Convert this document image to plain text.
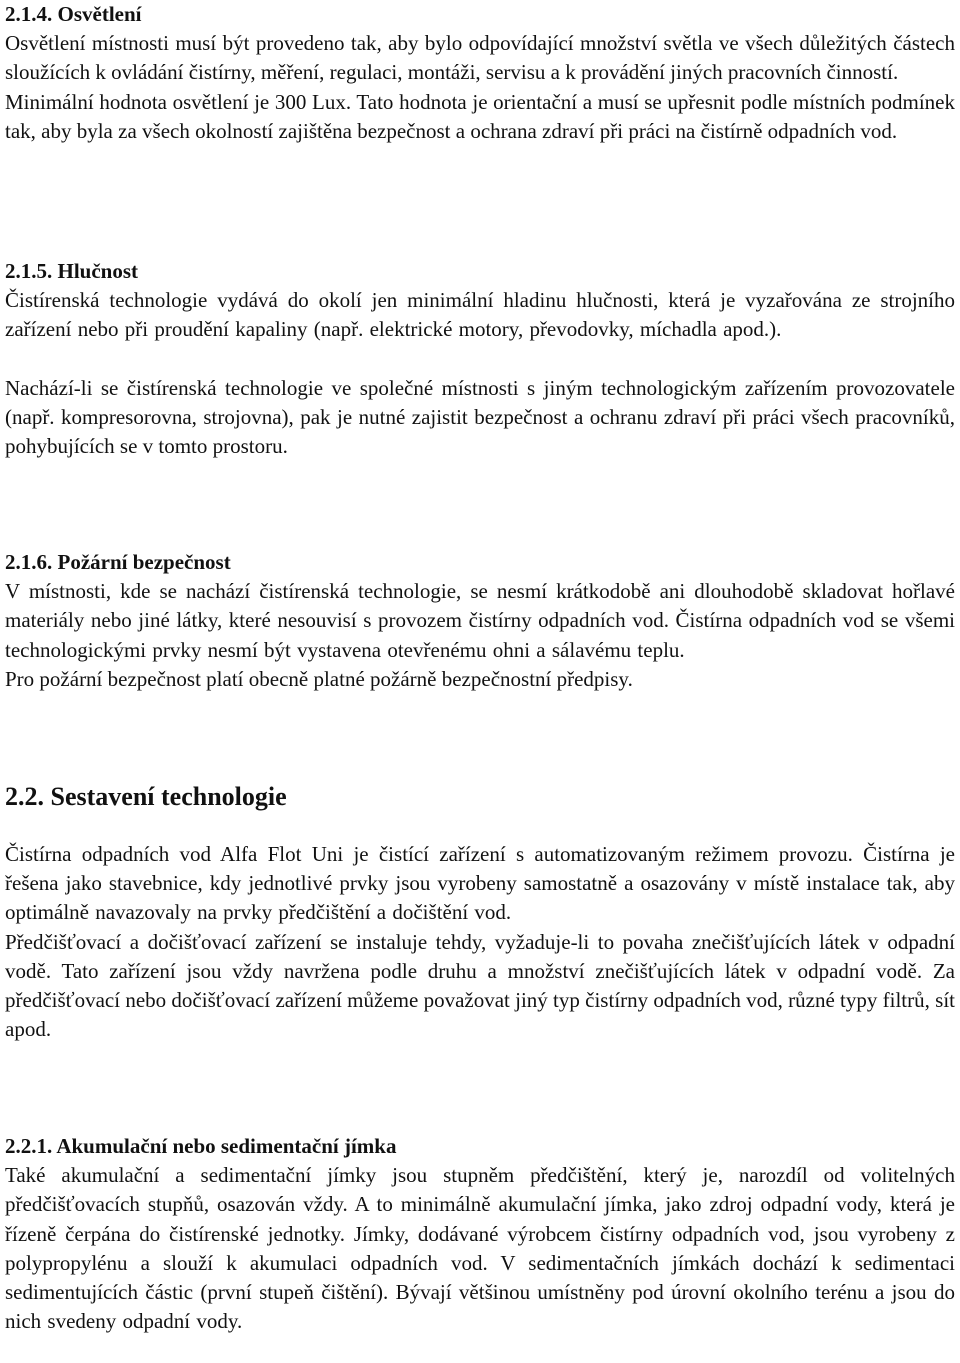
2.1.4. Osvětlení

Osvětlení místnosti musí být provedeno tak, aby bylo odpovídající množství světla ve všech důležitých částech sloužících k ovládání čistírny, měření, regulaci, montáži, servisu a k provádění jiných pracovních činností.

Minimální hodnota osvětlení je 300 Lux. Tato hodnota je orientační a musí se upřesnit podle místních podmínek tak, aby byla za všech okolností zajištěna bezpečnost a ochrana zdraví při práci na čistírně odpadních vod.

2.1.5. Hlučnost

Čistírenská technologie vydává do okolí jen minimální hladinu hlučnosti, která je vyzařována ze strojního zařízení nebo při proudění kapaliny (např. elektrické motory, převodovky, míchadla apod.).

Nachází-li se čistírenská technologie ve společné místnosti s jiným technologickým zařízením provozovatele (např. kompresorovna, strojovna), pak je nutné zajistit bezpečnost a ochranu zdraví při práci všech pracovníků, pohybujících se v tomto prostoru.

2.1.6. Požární bezpečnost

V místnosti, kde se nachází čistírenská technologie, se nesmí krátkodobě ani dlouhodobě skladovat hořlavé materiály nebo jiné látky, které nesouvisí s provozem čistírny odpadních vod. Čistírna odpadních vod se všemi technologickými prvky nesmí být vystavena otevřenému ohni a sálavému teplu.

Pro požární bezpečnost platí obecně platné požárně bezpečnostní předpisy.

2.2. Sestavení technologie

Čistírna odpadních vod Alfa Flot Uni je čistící zařízení s automatizovaným režimem provozu. Čistírna je řešena jako stavebnice, kdy jednotlivé prvky jsou vyrobeny samostatně a osazovány v místě instalace tak, aby optimálně navazovaly na prvky předčištění a dočištění vod.

Předčišťovací a dočišťovací zařízení se instaluje tehdy, vyžaduje-li to povaha znečišťujících látek v odpadní vodě. Tato zařízení jsou vždy navržena podle druhu a množství znečišťujících látek v odpadní vodě. Za předčišťovací nebo dočišťovací zařízení můžeme považovat jiný typ čistírny odpadních vod, různé typy filtrů, sít apod.

2.2.1. Akumulační nebo sedimentační jímka

Také akumulační a sedimentační jímky jsou stupněm předčištění, který je, narozdíl od volitelných předčišťovacích stupňů, osazován vždy. A to minimálně akumulační jímka, jako zdroj odpadní vody, která je řízeně čerpána do čistírenské jednotky. Jímky, dodávané výrobcem čistírny odpadních vod, jsou vyrobeny z polypropylénu a slouží k akumulaci odpadních vod. V sedimentačních jímkách dochází k sedimentaci sedimentujících částic (první stupeň čištění). Bývají většinou umístněny pod úrovní okolního terénu a jsou do nich svedeny odpadní vody.
